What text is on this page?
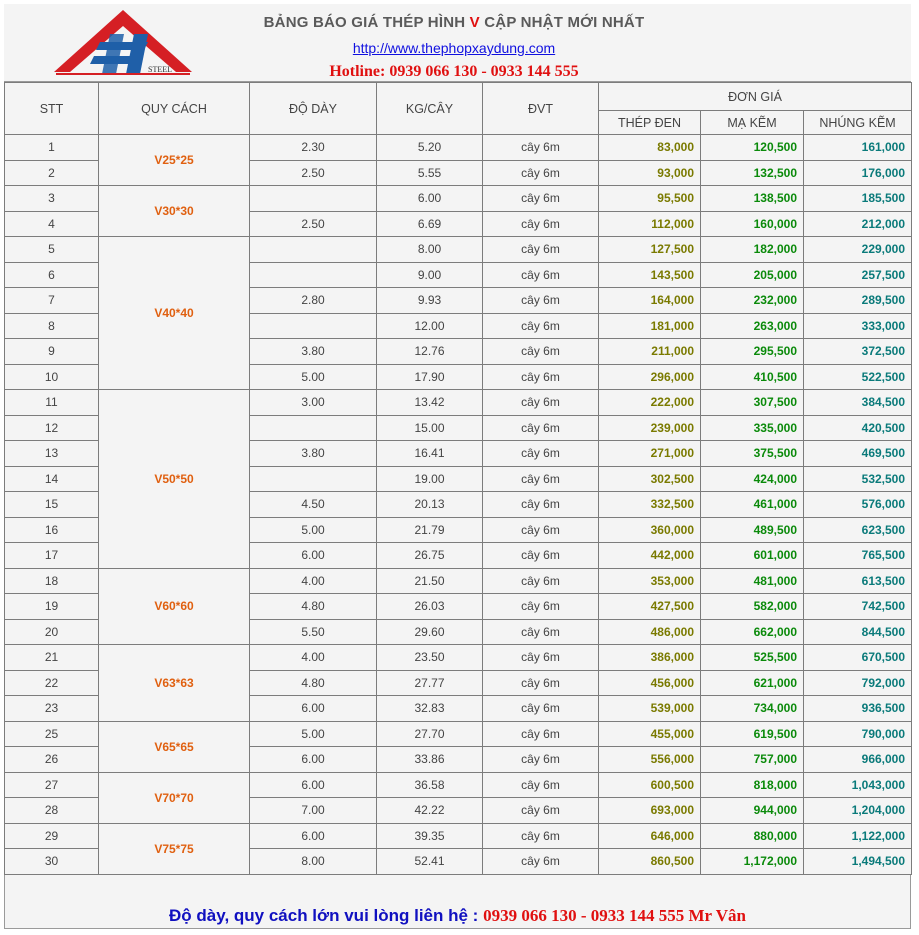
STEEL
BẢNG BÁO GIÁ THÉP HÌNH V CẬP NHẬT MỚI NHẤT
http://www.thephopxaydung.com
Hotline: 0939 066 130 - 0933 144 555
STT	QUY CÁCH	ĐỘ DÀY	KG/CÂY	ĐVT	ĐƠN GIÁ		
					THÉP ĐEN	MẠ KẼM	NHÚNG KẼM
1	V25*25	2.30	5.20	cây 6m	83,000	120,500	161,000
2		2.50	5.55	cây 6m	93,000	132,500	176,000
3	V30*30		6.00	cây 6m	95,500	138,500	185,500
4		2.50	6.69	cây 6m	112,000	160,000	212,000
5	V40*40		8.00	cây 6m	127,500	182,000	229,000
6			9.00	cây 6m	143,500	205,000	257,500
7		2.80	9.93	cây 6m	164,000	232,000	289,500
8			12.00	cây 6m	181,000	263,000	333,000
9		3.80	12.76	cây 6m	211,000	295,500	372,500
10		5.00	17.90	cây 6m	296,000	410,500	522,500
11	V50*50	3.00	13.42	cây 6m	222,000	307,500	384,500
12			15.00	cây 6m	239,000	335,000	420,500
13		3.80	16.41	cây 6m	271,000	375,500	469,500
14			19.00	cây 6m	302,500	424,000	532,500
15		4.50	20.13	cây 6m	332,500	461,000	576,000
16		5.00	21.79	cây 6m	360,000	489,500	623,500
17		6.00	26.75	cây 6m	442,000	601,000	765,500
18	V60*60	4.00	21.50	cây 6m	353,000	481,000	613,500
19		4.80	26.03	cây 6m	427,500	582,000	742,500
20		5.50	29.60	cây 6m	486,000	662,000	844,500
21	V63*63	4.00	23.50	cây 6m	386,000	525,500	670,500
22		4.80	27.77	cây 6m	456,000	621,000	792,000
23		6.00	32.83	cây 6m	539,000	734,000	936,500
25	V65*65	5.00	27.70	cây 6m	455,000	619,500	790,000
26		6.00	33.86	cây 6m	556,000	757,000	966,000
27	V70*70	6.00	36.58	cây 6m	600,500	818,000	1,043,000
28		7.00	42.22	cây 6m	693,000	944,000	1,204,000
29	V75*75	6.00	39.35	cây 6m	646,000	880,000	1,122,000
30		8.00	52.41	cây 6m	860,500	1,172,000	1,494,500
Độ dày, quy cách lớn vui lòng liên hệ : 0939 066 130 - 0933 144 555 Mr Vân
